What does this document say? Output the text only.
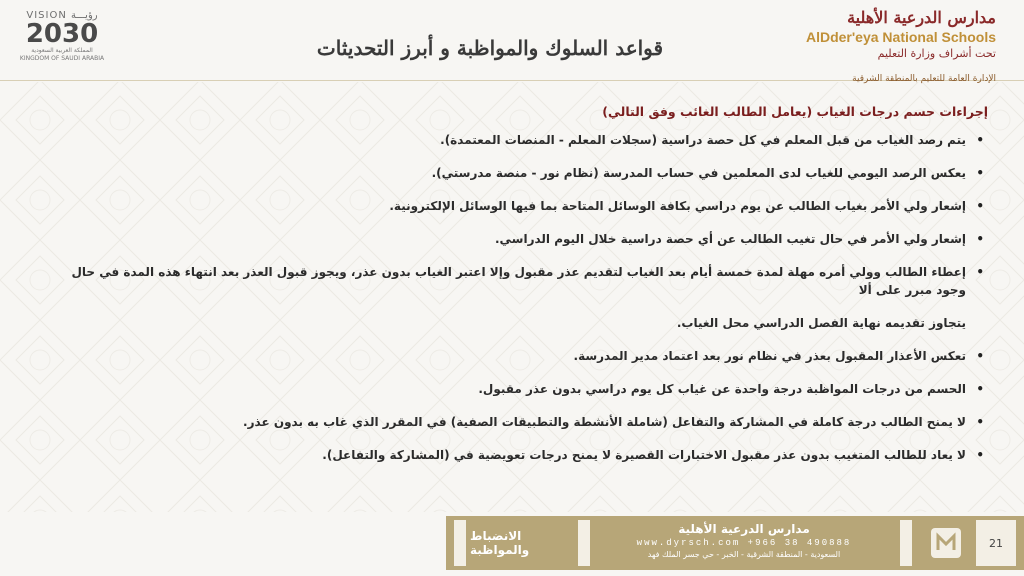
VISION رؤيـــة
2030
المملكة العربية السعودية
KINGDOM OF SAUDI ARABIA	قواعد السلوك والمواظبة و أبرز التحديثات
مدارس الدرعية الأهلية
AlDder'eya National Schools
تحت أشراف وزارة التعليم
الإدارة العامة للتعليم بالمنطقة الشرقية
إجراءات حسم درجات الغياب (يعامل الطالب الغائب وفق التالي)
•
يتم رصد الغياب من قبل المعلم في كل حصة دراسية (سجلات المعلم - المنصات المعتمدة).
•
يعكس الرصد اليومي للغياب لدى المعلمين في حساب المدرسة (نظام نور - منصة مدرستي).
•
إشعار ولي الأمر بغياب الطالب عن يوم دراسي بكافة الوسائل المتاحة بما فيها الوسائل الإلكترونية.
•
إشعار ولي الأمر في حال تغيب الطالب عن أي حصة دراسية خلال اليوم الدراسي.
•
إعطاء الطالب وولي أمره مهلة لمدة خمسة أيام بعد الغياب لتقديم عذر مقبول وإلا اعتبر الغياب بدون عذر، ويجوز قبول العذر بعد انتهاء هذه المدة في حال وجود مبرر على ألا
يتجاوز تقديمه نهاية الفصل الدراسي محل الغياب.
•
تعكس الأعذار المقبول بعذر في نظام نور بعد اعتماد مدير المدرسة.
•
الحسم من درجات المواظبة درجة واحدة عن غياب كل يوم دراسي بدون عذر مقبول.
•
لا يمنح الطالب درجة كاملة في المشاركة والتفاعل (شاملة الأنشطة والتطبيقات الصفية) في المقرر الذي غاب به بدون عذر.
•
لا يعاد للطالب المتغيب بدون عذر مقبول الاختبارات القصيرة لا يمنح درجات تعويضية في (المشاركة والتفاعل).
الانضباط والمواظبة
مدارس الدرعية الأهلية
www.dyrsch.com +966 38 490888
السعودية - المنطقة الشرقية - الخبر - حي جسر الملك فهد
21
